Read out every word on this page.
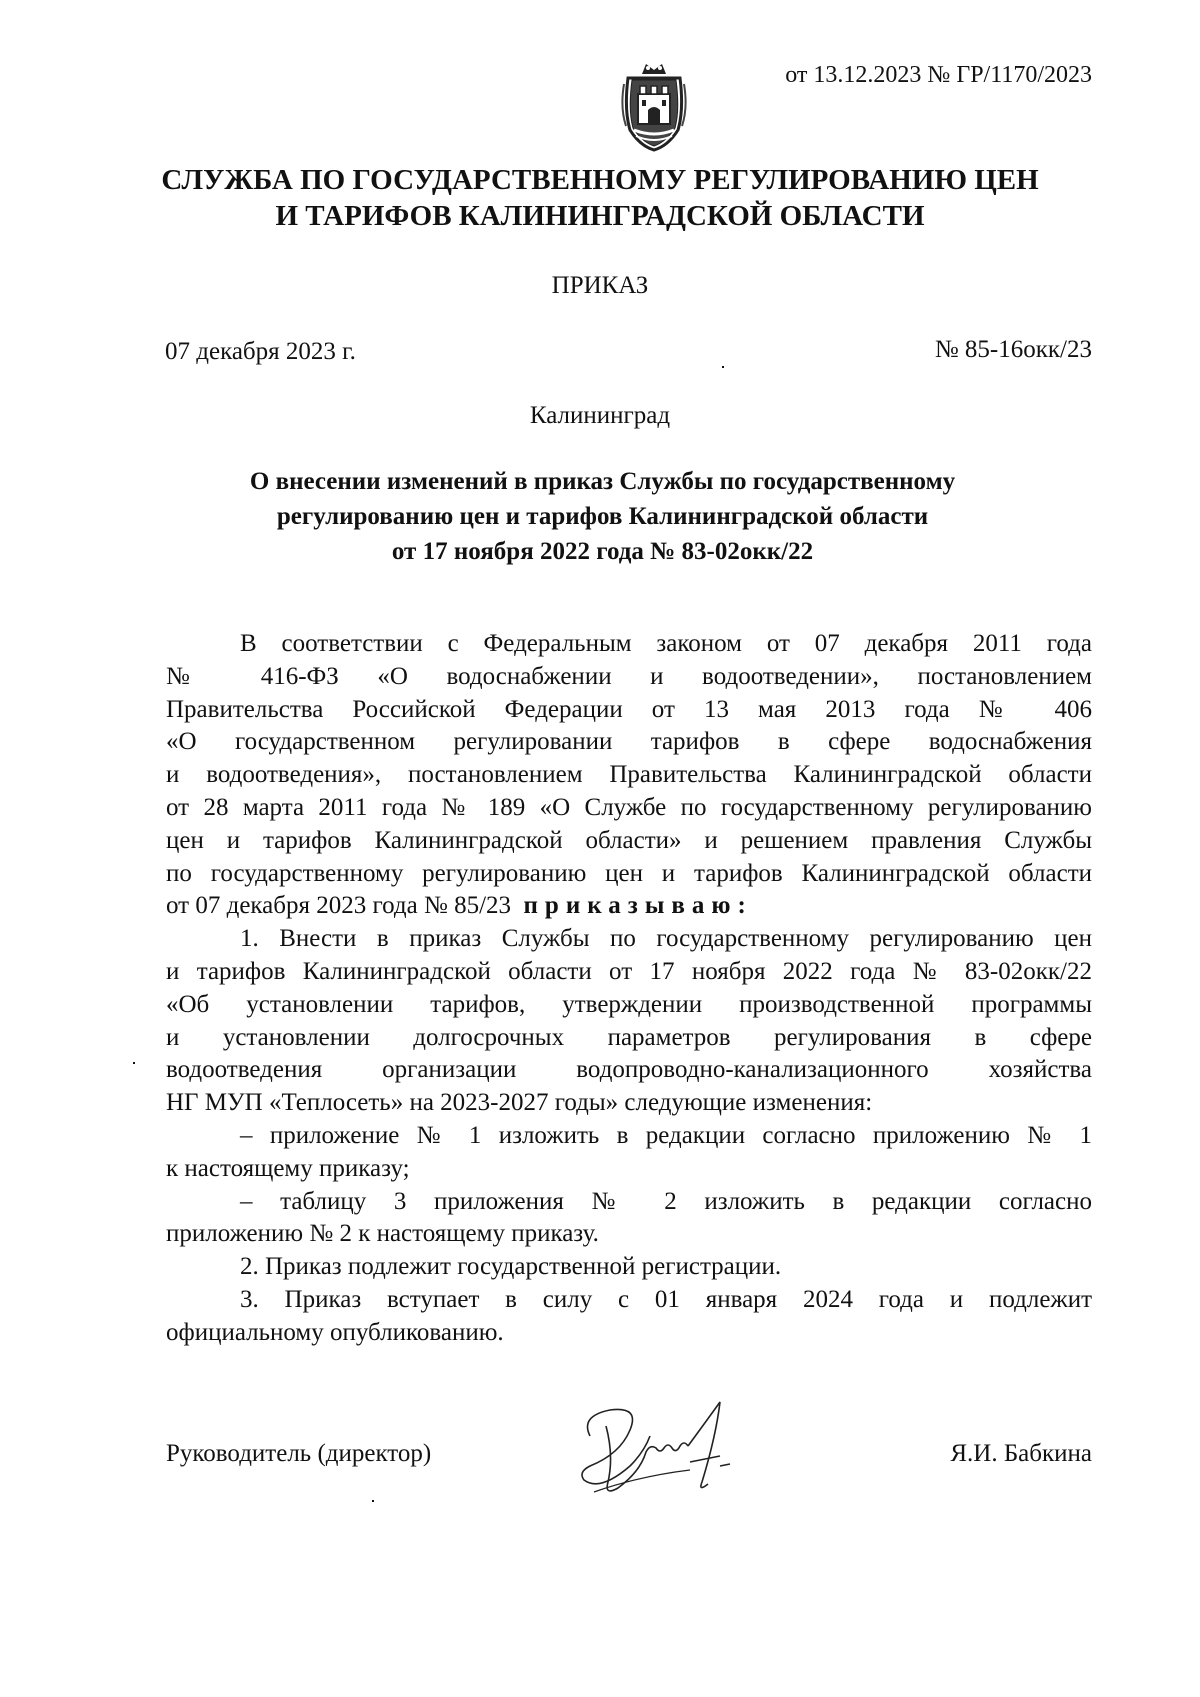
от 13.12.2023 № ГР/1170/2023
СЛУЖБА ПО ГОСУДАРСТВЕННОМУ РЕГУЛИРОВАНИЮ ЦЕН
И ТАРИФОВ КАЛИНИНГРАДСКОЙ ОБЛАСТИ
ПРИКАЗ
07 декабря 2023 г.	№ 85-16окк/23
Калининград
О внесении изменений в приказ Службы по государственному
регулированию цен и тарифов Калининградской области
от 17 ноября 2022 года № 83-02окк/22
В соответствии с Федеральным законом от 07 декабря 2011 года
№ 416-ФЗ «О водоснабжении и водоотведении», постановлением
Правительства Российской Федерации от 13 мая 2013 года № 406
«О государственном регулировании тарифов в сфере водоснабжения
и водоотведения», постановлением Правительства Калининградской области
от 28 марта 2011 года № 189 «О Службе по государственному регулированию
цен и тарифов Калининградской области» и решением правления Службы
по государственному регулированию цен и тарифов Калининградской области
от 07 декабря 2023 года № 85/23 приказываю:
1. Внести в приказ Службы по государственному регулированию цен
и тарифов Калининградской области от 17 ноября 2022 года № 83-02окк/22
«Об установлении тарифов, утверждении производственной программы
и установлении долгосрочных параметров регулирования в сфере
водоотведения организации водопроводно-канализационного хозяйства
НГ МУП «Теплосеть» на 2023-2027 годы» следующие изменения:
– приложение № 1 изложить в редакции согласно приложению № 1
к настоящему приказу;
– таблицу 3 приложения № 2 изложить в редакции согласно
приложению № 2 к настоящему приказу.
2. Приказ подлежит государственной регистрации.
3. Приказ вступает в силу с 01 января 2024 года и подлежит
официальному опубликованию.
Руководитель (директор)	Я.И. Бабкина
